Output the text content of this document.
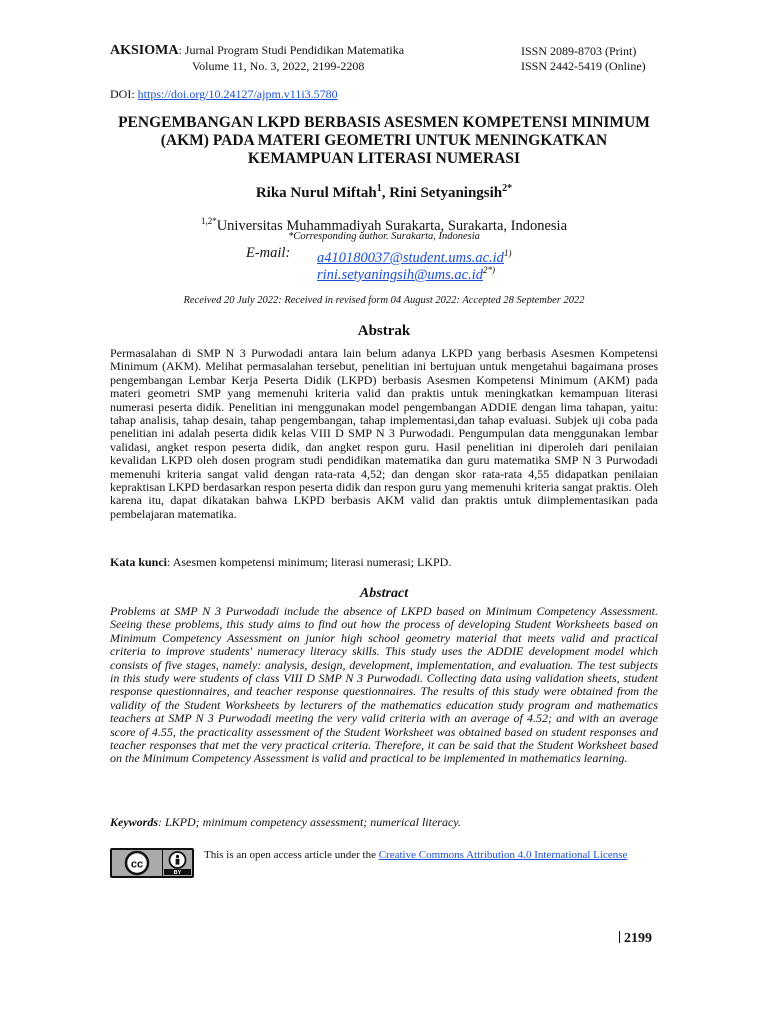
AKSIOMA: Jurnal Program Studi Pendidikan Matematika
Volume 11, No. 3, 2022, 2199-2208
ISSN 2089-8703 (Print)
ISSN 2442-5419 (Online)
DOI: https://doi.org/10.24127/ajpm.v11i3.5780
PENGEMBANGAN LKPD BERBASIS ASESMEN KOMPETENSI MINIMUM
(AKM) PADA MATERI GEOMETRI UNTUK MENINGKATKAN
KEMAMPUAN LITERASI NUMERASI
Rika Nurul Miftah$^1$, Rini Setyaningsih$^{2*}$
$^{1,2*}$Universitas Muhammadiyah Surakarta, Surakarta, Indonesia
*Corresponding author. Surakarta, Indonesia
E-mail: $a410180037@student.ums.ac.id^{1)}$
$rini.setyaningsih@ums.ac.id^{2*)}$
Received 20 July 2022: Received in revised form 04 August 2022: Accepted 28 September 2022
Abstrak
Permasalahan di SMP N 3 Purwodadi antara lain belum adanya LKPD yang berbasis Asesmen Kompetensi Minimum (AKM). Melihat permasalahan tersebut, penelitian ini bertujuan untuk mengetahui bagaimana proses pengembangan Lembar Kerja Peserta Didik (LKPD) berbasis Asesmen Kompetensi Minimum (AKM) pada materi geometri SMP yang memenuhi kriteria valid dan praktis untuk meningkatkan kemampuan literasi numerasi peserta didik. Penelitian ini menggunakan model pengembangan ADDIE dengan lima tahapan, yaitu: tahap analisis, tahap desain, tahap pengembangan, tahap implementasi,dan tahap evaluasi. Subjek uji coba pada penelitian ini adalah peserta didik kelas VIII D SMP N 3 Purwodadi. Pengumpulan data menggunakan lembar validasi, angket respon peserta didik, dan angket respon guru. Hasil penelitian ini diperoleh dari penilaian kevalidan LKPD oleh dosen program studi pendidikan matematika dan guru matematika SMP N 3 Purwodadi memenuhi kriteria sangat valid dengan rata-rata 4,52; dan dengan skor rata-rata 4,55 didapatkan penilaian kepraktisan LKPD berdasarkan respon peserta didik dan respon guru yang memenuhi kriteria sangat praktis. Oleh karena itu, dapat dikatakan bahwa LKPD berbasis AKM valid dan praktis untuk diimplementasikan pada pembelajaran matematika.
Kata kunci: Asesmen kompetensi minimum; literasi numerasi; LKPD.
Abstract
Problems at SMP N 3 Purwodadi include the absence of LKPD based on Minimum Competency Assessment. Seeing these problems, this study aims to find out how the process of developing Student Worksheets based on Minimum Competency Assessment on junior high school geometry material that meets valid and practical criteria to improve students' numeracy literacy skills. This study uses the ADDIE development model which consists of five stages, namely: analysis, design, development, implementation, and evaluation. The test subjects in this study were students of class VIII D SMP N 3 Purwodadi. Collecting data using validation sheets, student response questionnaires, and teacher response questionnaires. The results of this study were obtained from the validity of the Student Worksheets by lecturers of the mathematics education study program and mathematics teachers at SMP N 3 Purwodadi meeting the very valid criteria with an average of 4.52; and with an average score of 4.55, the practicality assessment of the Student Worksheet was obtained based on student responses and teacher responses that met the very practical criteria. Therefore, it can be said that the Student Worksheet based on the Minimum Competency Assessment is valid and practical to be implemented in mathematics learning.
Keywords: LKPD; minimum competency assessment; numerical literacy.
cc
BY
This is an open access article under the Creative Commons Attribution 4.0 International License
2199
